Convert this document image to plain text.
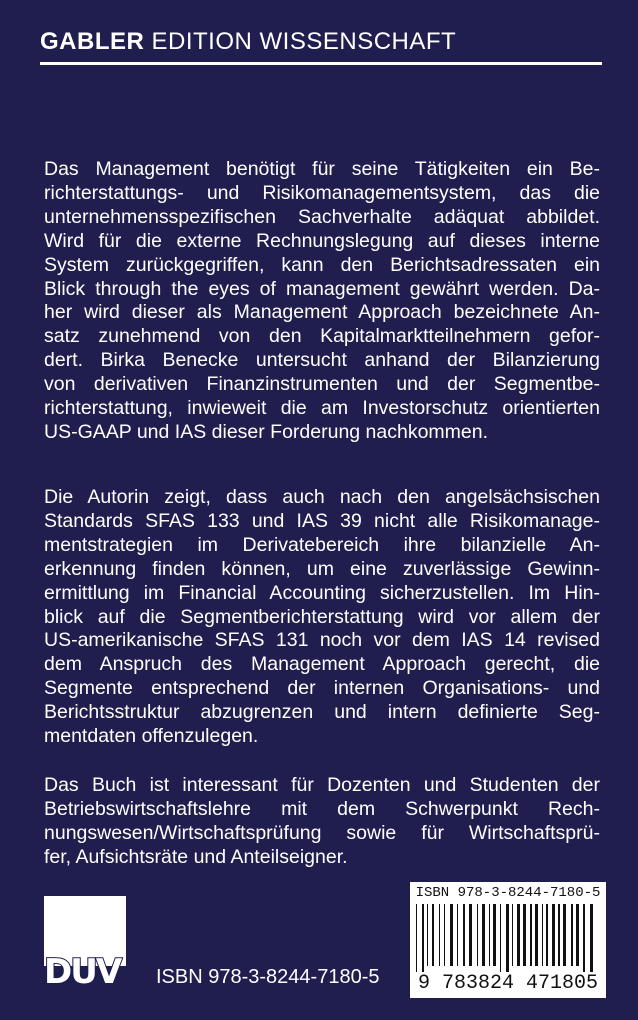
GABLER EDITION WISSENSCHAFT
Das Management benötigt für seine Tätigkeiten ein Be-
richterstattungs- und Risikomanagementsystem, das die
unternehmensspezifischen Sachverhalte adäquat abbildet.
Wird für die externe Rechnungslegung auf dieses interne
System zurückgegriffen, kann den Berichtsadressaten ein
Blick through the eyes of management gewährt werden. Da-
her wird dieser als Management Approach bezeichnete An-
satz zunehmend von den Kapitalmarktteilnehmern gefor-
dert. Birka Benecke untersucht anhand der Bilanzierung
von derivativen Finanzinstrumenten und der Segmentbe-
richterstattung, inwieweit die am Investorschutz orientierten
US-GAAP und IAS dieser Forderung nachkommen.
Die Autorin zeigt, dass auch nach den angelsächsischen
Standards SFAS 133 und IAS 39 nicht alle Risikomanage-
mentstrategien im Derivatebereich ihre bilanzielle An-
erkennung finden können, um eine zuverlässige Gewinn-
ermittlung im Financial Accounting sicherzustellen. Im Hin-
blick auf die Segmentberichterstattung wird vor allem der
US-amerikanische SFAS 131 noch vor dem IAS 14 revised
dem Anspruch des Management Approach gerecht, die
Segmente entsprechend der internen Organisations- und
Berichtsstruktur abzugrenzen und intern definierte Seg-
mentdaten offenzulegen.
Das Buch ist interessant für Dozenten und Studenten der
Betriebswirtschaftslehre mit dem Schwerpunkt Rech-
nungswesen/Wirtschaftsprüfung sowie für Wirtschaftsprü-
fer, Aufsichtsräte und Anteilseigner.
DUV ISBN 978-3-8244-7180-5
ISBN 978-3-8244-7180-5
9 783824 471805
